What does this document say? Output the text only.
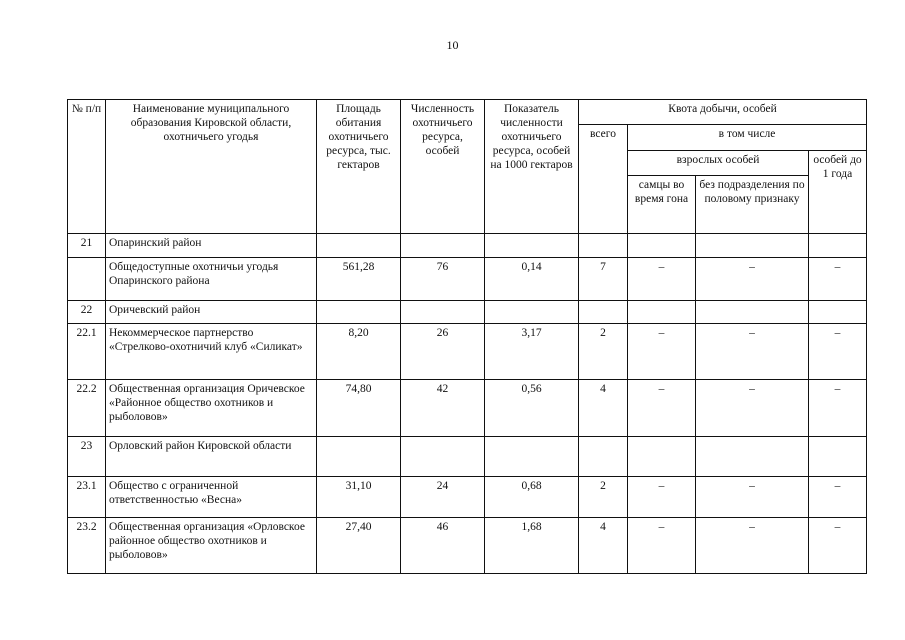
10
№ п/п	Наименование муниципального образования Кировской области, охотничьего угодья	Площадь обитания охотничьего ресурса, тыс. гектаров	Численность охотничьего ресурса, особей	Показатель численности охотничьего ресурса, особей на 1000 гектаров	Квота добычи, особей			
					всего	в том числе		
						взрослых особей		особей до 1 года
						самцы во время гона	без подразделения по половому признаку	
21	Опаринский район							
	Общедоступные охотничьи угодья Опаринского района	561,28	76	0,14	7	–	–	–
22	Оричевский район							
22.1	Некоммерческое партнерство «Стрелково-охотничий клуб «Силикат»	8,20	26	3,17	2	–	–	–
22.2	Общественная организация Оричевское «Районное общество охотников и рыболовов»	74,80	42	0,56	4	–	–	–
23	Орловский район Кировской области							
23.1	Общество с ограниченной ответственностью «Весна»	31,10	24	0,68	2	–	–	–
23.2	Общественная организация «Орловское районное общество охотников и рыболовов»	27,40	46	1,68	4	–	–	–
